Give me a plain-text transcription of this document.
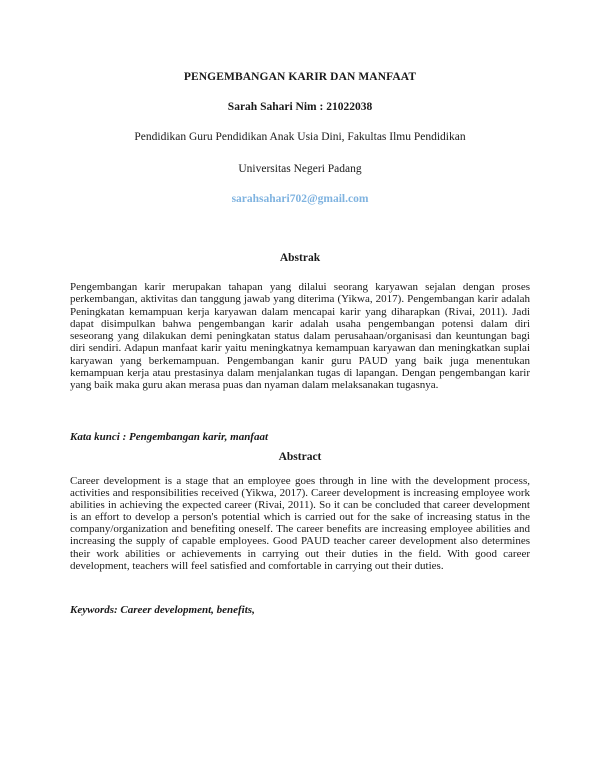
PENGEMBANGAN KARIR DAN MANFAAT
Sarah Sahari Nim : 21022038
Pendidikan Guru Pendidikan Anak Usia Dini, Fakultas Ilmu Pendidikan
Universitas Negeri Padang
sarahsahari702@gmail.com
Abstrak

Pengembangan karir merupakan tahapan yang dilalui seorang karyawan sejalan dengan proses perkembangan, aktivitas dan tanggung jawab yang diterima (Yikwa, 2017). Pengembangan karir adalah Peningkatan kemampuan kerja karyawan dalam mencapai karir yang diharapkan (Rivai, 2011). Jadi dapat disimpulkan bahwa pengembangan karir adalah usaha pengembangan potensi dalam diri seseorang yang dilakukan demi peningkatan status dalam perusahaan/organisasi dan keuntungan bagi diri sendiri. Adapun manfaat karir yaitu meningkatnya kemampuan karyawan dan meningkatkan suplai karyawan yang berkemampuan. Pengembangan kanir guru PAUD yang baik juga menentukan kemampuan kerja atau prestasinya dalam menjalankan tugas di lapangan. Dengan pengembangan karir yang baik maka guru akan merasa puas dan nyaman dalam melaksanakan tugasnya.

Kata kunci : Pengembangan karir, manfaat
Abstract

Career development is a stage that an employee goes through in line with the development process, activities and responsibilities received (Yikwa, 2017). Career development is increasing employee work abilities in achieving the expected career (Rivai, 2011). So it can be concluded that career development is an effort to develop a person's potential which is carried out for the sake of increasing status in the company/organization and benefiting oneself. The career benefits are increasing employee abilities and increasing the supply of capable employees. Good PAUD teacher career development also determines their work abilities or achievements in carrying out their duties in the field. With good career development, teachers will feel satisfied and comfortable in carrying out their duties.

Keywords: Career development, benefits,
